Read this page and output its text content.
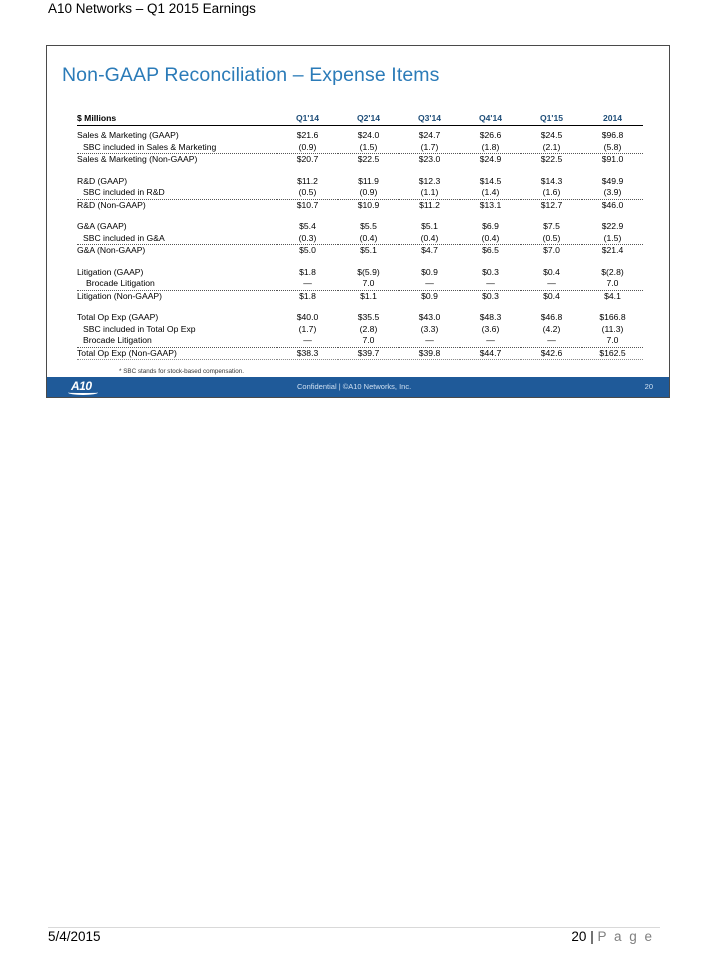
A10 Networks – Q1 2015 Earnings
Non-GAAP Reconciliation – Expense Items
$ Millions	Q1'14	Q2'14	Q3'14	Q4'14	Q1'15	2014
Sales & Marketing (GAAP)	$21.6	$24.0	$24.7	$26.6	$24.5	$96.8
SBC included in Sales & Marketing	(0.9)	(1.5)	(1.7)	(1.8)	(2.1)	(5.8)
Sales & Marketing (Non-GAAP)	$20.7	$22.5	$23.0	$24.9	$22.5	$91.0

R&D (GAAP)	$11.2	$11.9	$12.3	$14.5	$14.3	$49.9
SBC included in R&D	(0.5)	(0.9)	(1.1)	(1.4)	(1.6)	(3.9)
R&D (Non-GAAP)	$10.7	$10.9	$11.2	$13.1	$12.7	$46.0

G&A (GAAP)	$5.4	$5.5	$5.1	$6.9	$7.5	$22.9
SBC included in G&A	(0.3)	(0.4)	(0.4)	(0.4)	(0.5)	(1.5)
G&A (Non-GAAP)	$5.0	$5.1	$4.7	$6.5	$7.0	$21.4

Litigation (GAAP)	$1.8	$(5.9)	$0.9	$0.3	$0.4	$(2.8)
Brocade Litigation	—	7.0	—	—	—	7.0
Litigation (Non-GAAP)	$1.8	$1.1	$0.9	$0.3	$0.4	$4.1

Total Op Exp (GAAP)	$40.0	$35.5	$43.0	$48.3	$46.8	$166.8
SBC included in Total Op Exp	(1.7)	(2.8)	(3.3)	(3.6)	(4.2)	(11.3)
Brocade Litigation	—	7.0	—	—	—	7.0
Total Op Exp (Non-GAAP)	$38.3	$39.7	$39.8	$44.7	$42.6	$162.5
* SBC stands for stock-based compensation.
A10	Confidential | ©A10 Networks, Inc.	20
5/4/2015	20 | P a g e
